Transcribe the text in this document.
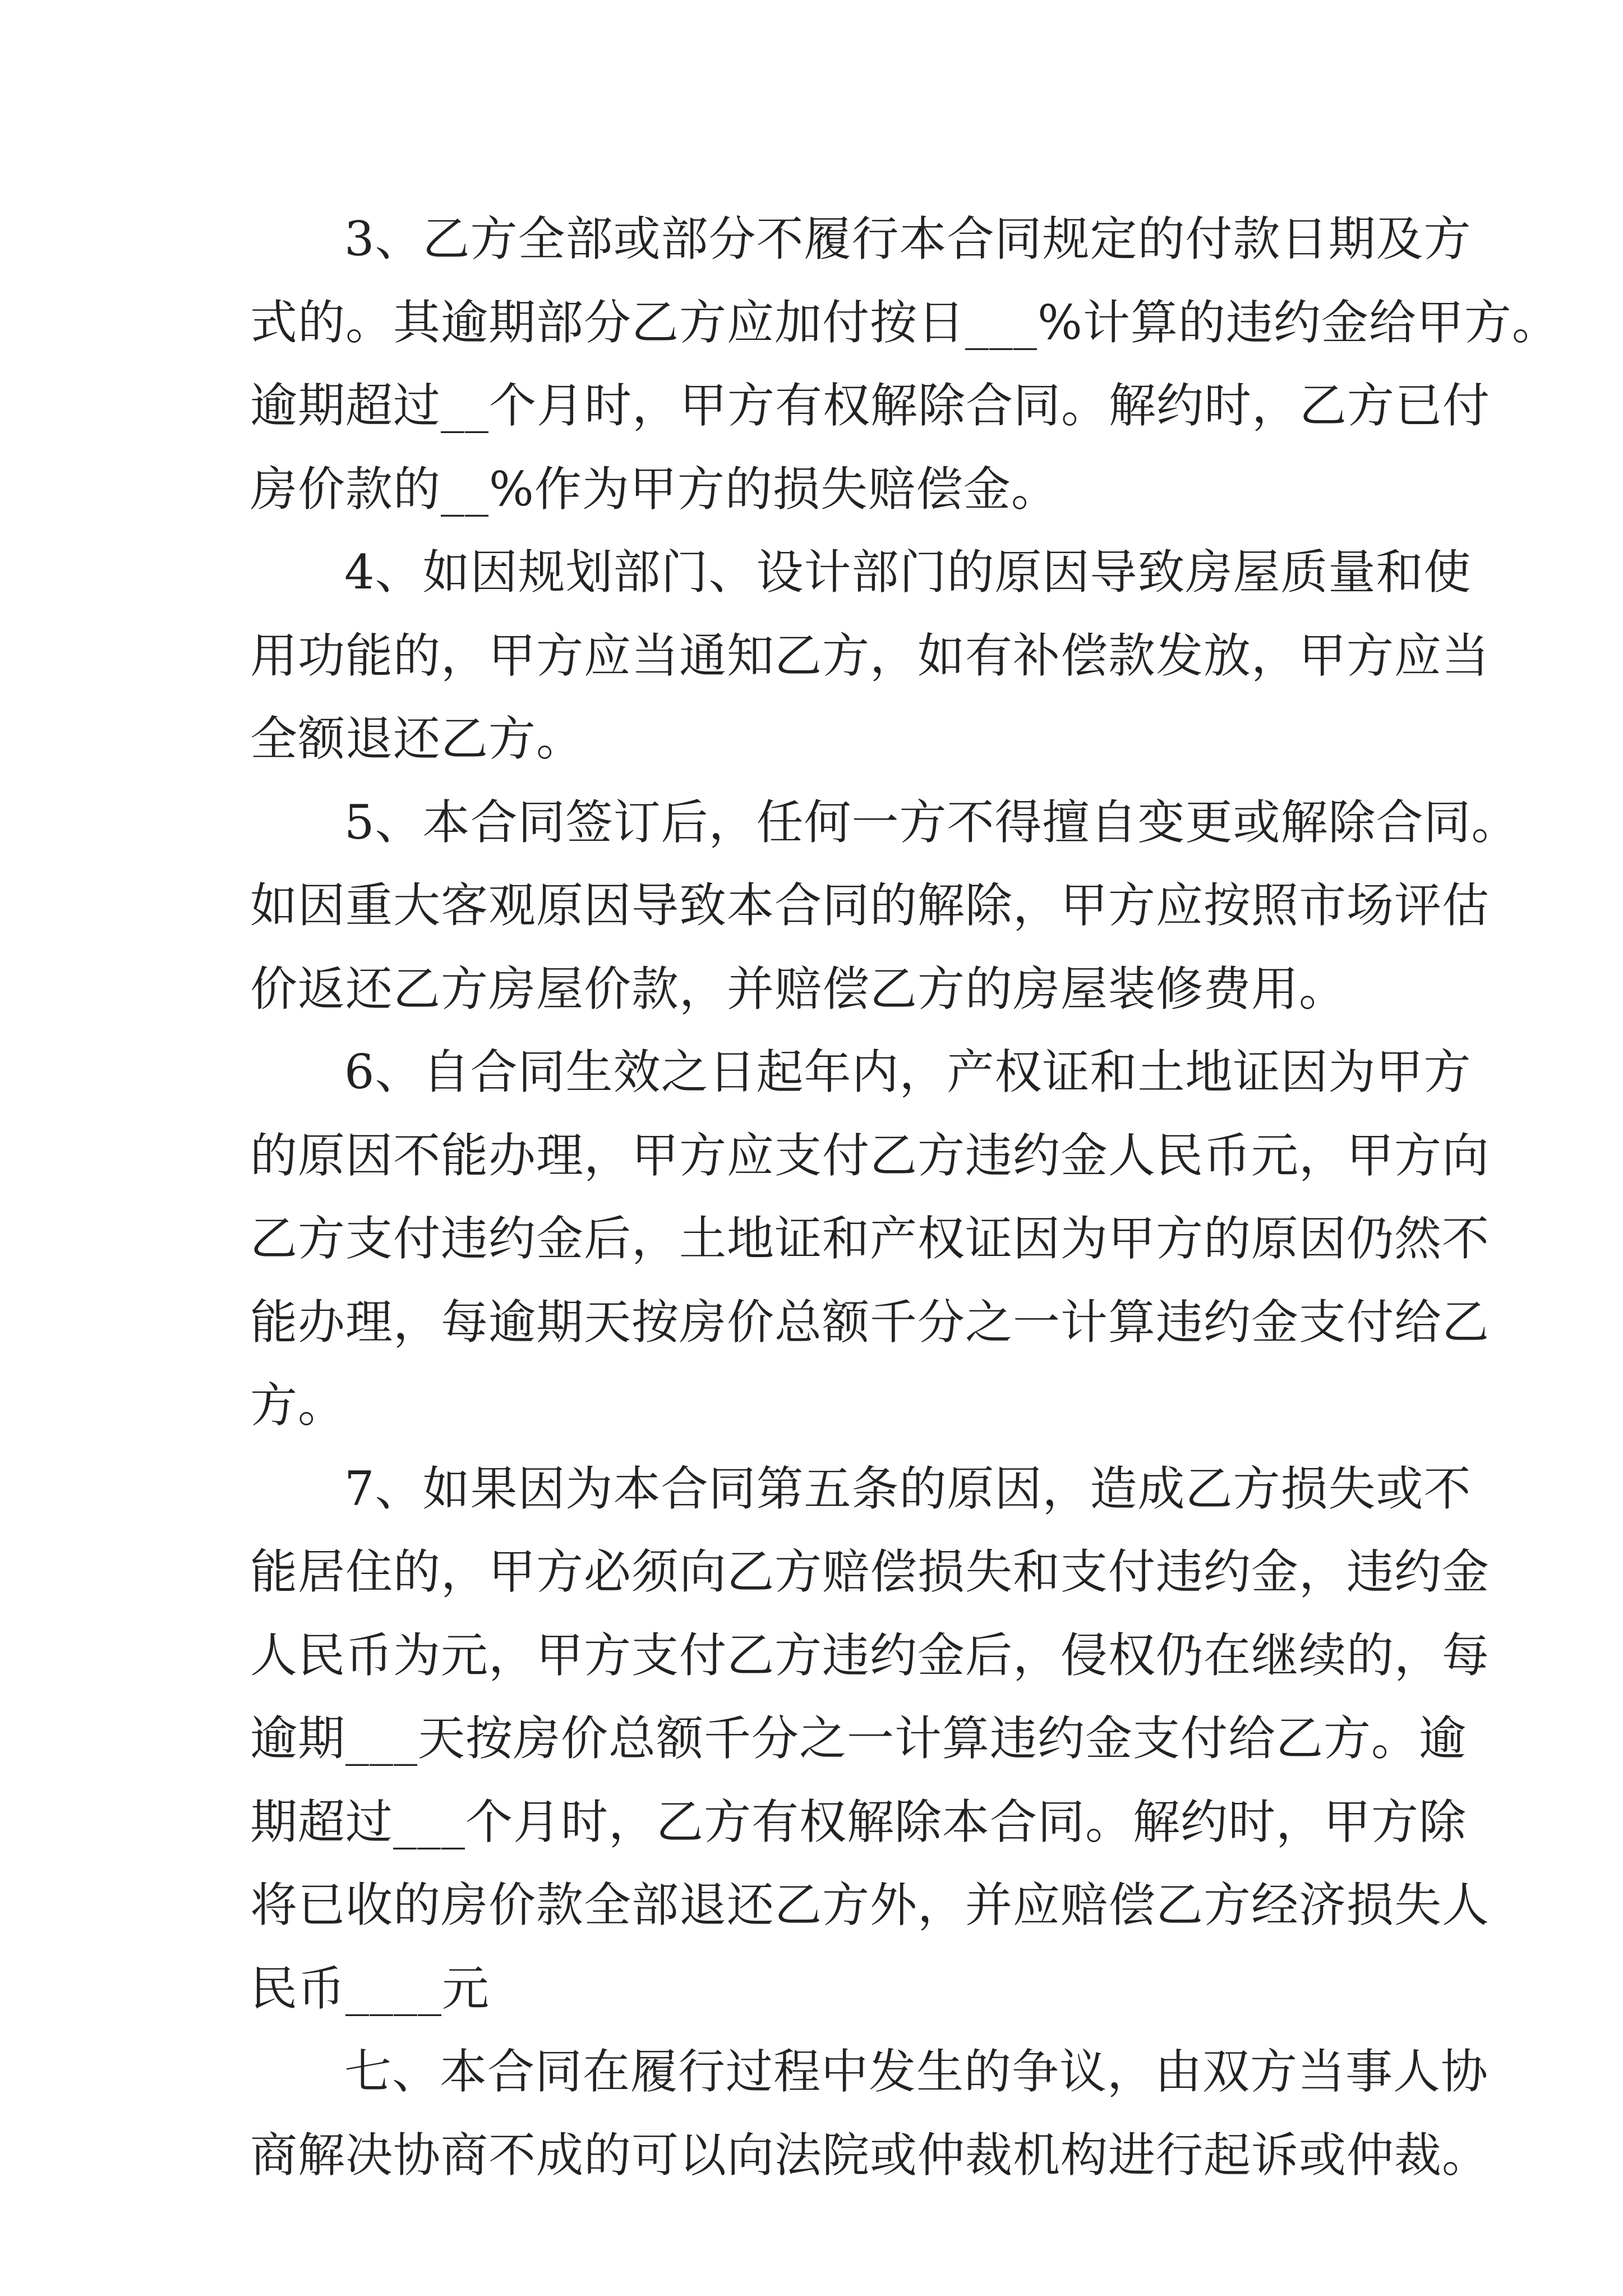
3、乙方全部或部分不履行本合同规定的付款日期及方
式的。其逾期部分乙方应加付按日___%计算的违约金给甲方。
逾期超过__个月时，甲方有权解除合同。解约时，乙方已付
房价款的__%作为甲方的损失赔偿金。

4、如因规划部门、设计部门的原因导致房屋质量和使
用功能的，甲方应当通知乙方，如有补偿款发放，甲方应当
全额退还乙方。

5、本合同签订后，任何一方不得擅自变更或解除合同。
如因重大客观原因导致本合同的解除，甲方应按照市场评估
价返还乙方房屋价款，并赔偿乙方的房屋装修费用。

6、自合同生效之日起年内，产权证和土地证因为甲方
的原因不能办理，甲方应支付乙方违约金人民币元，甲方向
乙方支付违约金后，土地证和产权证因为甲方的原因仍然不
能办理，每逾期天按房价总额千分之一计算违约金支付给乙
方。

7、如果因为本合同第五条的原因，造成乙方损失或不
能居住的，甲方必须向乙方赔偿损失和支付违约金，违约金
人民币为元，甲方支付乙方违约金后，侵权仍在继续的，每
逾期___天按房价总额千分之一计算违约金支付给乙方。逾
期超过___个月时，乙方有权解除本合同。解约时，甲方除
将已收的房价款全部退还乙方外，并应赔偿乙方经济损失人
民币____元

七、本合同在履行过程中发生的争议，由双方当事人协
商解决协商不成的可以向法院或仲裁机构进行起诉或仲裁。
